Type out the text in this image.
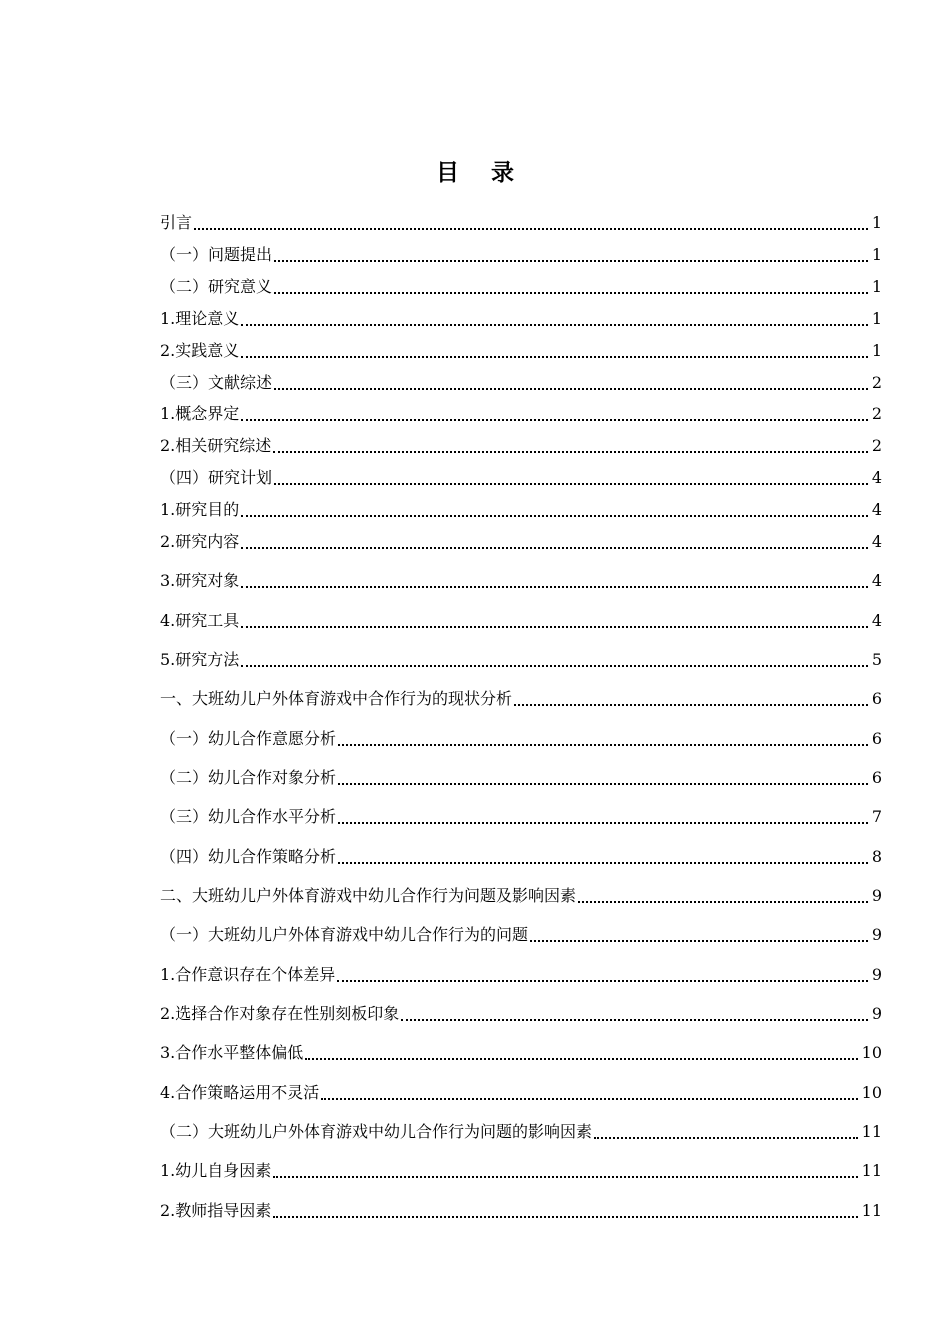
目 录
引言	1
（一）问题提出	1
（二）研究意义	1
1.理论意义	1
2.实践意义	1
（三）文献综述	2
1.概念界定	2
2.相关研究综述	2
（四）研究计划	4
1.研究目的	4
2.研究内容	4
3.研究对象	4
4.研究工具	4
5.研究方法	5
一、大班幼儿户外体育游戏中合作行为的现状分析	6
（一）幼儿合作意愿分析	6
（二）幼儿合作对象分析	6
（三）幼儿合作水平分析	7
（四）幼儿合作策略分析	8
二、大班幼儿户外体育游戏中幼儿合作行为问题及影响因素	9
（一）大班幼儿户外体育游戏中幼儿合作行为的问题	9
1.合作意识存在个体差异	9
2.选择合作对象存在性别刻板印象	9
3.合作水平整体偏低	10
4.合作策略运用不灵活	10
（二）大班幼儿户外体育游戏中幼儿合作行为问题的影响因素	11
1.幼儿自身因素	11
2.教师指导因素	11
